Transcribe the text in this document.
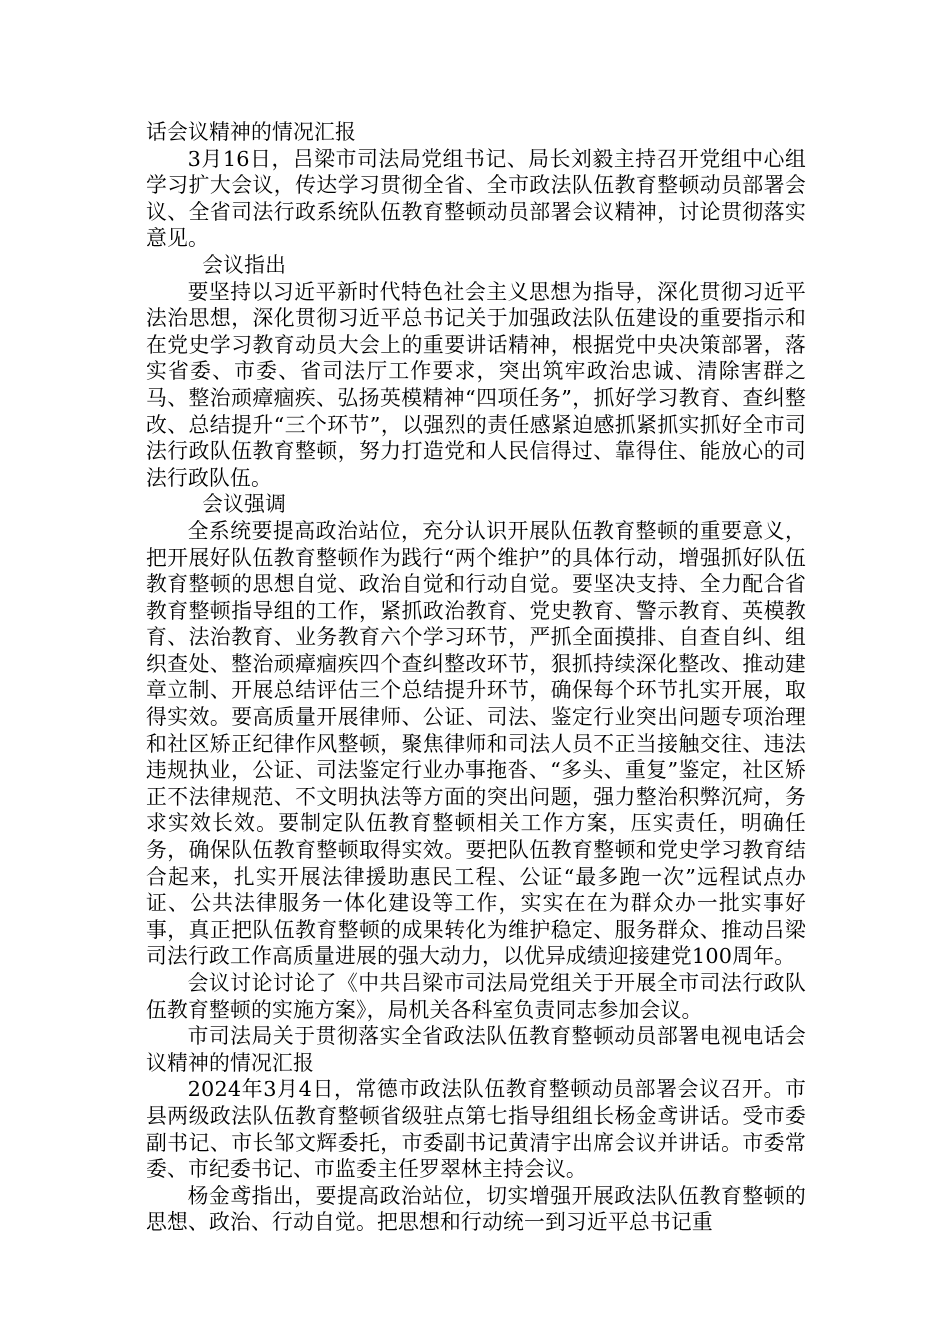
话会议精神的情况汇报

3月16日，吕梁市司法局党组书记、局长刘毅主持召开党组中心组学习扩大会议，传达学习贯彻全省、全市政法队伍教育整顿动员部署会议、全省司法行政系统队伍教育整顿动员部署会议精神，讨论贯彻落实意见。

会议指出

要坚持以习近平新时代特色社会主义思想为指导，深化贯彻习近平法治思想，深化贯彻习近平总书记关于加强政法队伍建设的重要指示和在党史学习教育动员大会上的重要讲话精神，根据党中央决策部署，落实省委、市委、省司法厅工作要求，突出筑牢政治忠诚、清除害群之马、整治顽瘴痼疾、弘扬英模精神“四项任务”，抓好学习教育、查纠整改、总结提升“三个环节”，以强烈的责任感紧迫感抓紧抓实抓好全市司法行政队伍教育整顿，努力打造党和人民信得过、靠得住、能放心的司法行政队伍。

会议强调

全系统要提高政治站位，充分认识开展队伍教育整顿的重要意义，把开展好队伍教育整顿作为践行“两个维护”的具体行动，增强抓好队伍教育整顿的思想自觉、政治自觉和行动自觉。要坚决支持、全力配合省教育整顿指导组的工作，紧抓政治教育、党史教育、警示教育、英模教育、法治教育、业务教育六个学习环节，严抓全面摸排、自查自纠、组织查处、整治顽瘴痼疾四个查纠整改环节，狠抓持续深化整改、推动建章立制、开展总结评估三个总结提升环节，确保每个环节扎实开展，取得实效。要高质量开展律师、公证、司法、鉴定行业突出问题专项治理和社区矫正纪律作风整顿，聚焦律师和司法人员不正当接触交往、违法违规执业，公证、司法鉴定行业办事拖沓、“多头、重复”鉴定，社区矫正不法律规范、不文明执法等方面的突出问题，强力整治积弊沉疴，务求实效长效。要制定队伍教育整顿相关工作方案，压实责任，明确任务，确保队伍教育整顿取得实效。要把队伍教育整顿和党史学习教育结合起来，扎实开展法律援助惠民工程、公证“最多跑一次”远程试点办证、公共法律服务一体化建设等工作，实实在在为群众办一批实事好事，真正把队伍教育整顿的成果转化为维护稳定、服务群众、推动吕梁司法行政工作高质量进展的强大动力，以优异成绩迎接建党100周年。

会议讨论讨论了《中共吕梁市司法局党组关于开展全市司法行政队伍教育整顿的实施方案》，局机关各科室负责同志参加会议。

市司法局关于贯彻落实全省政法队伍教育整顿动员部署电视电话会议精神的情况汇报

2024年3月4日，常德市政法队伍教育整顿动员部署会议召开。市县两级政法队伍教育整顿省级驻点第七指导组组长杨金鸢讲话。受市委副书记、市长邹文辉委托，市委副书记黄清宇出席会议并讲话。市委常委、市纪委书记、市监委主任罗翠林主持会议。

杨金鸢指出，要提高政治站位，切实增强开展政法队伍教育整顿的思想、政治、行动自觉。把思想和行动统一到习近平总书记重
